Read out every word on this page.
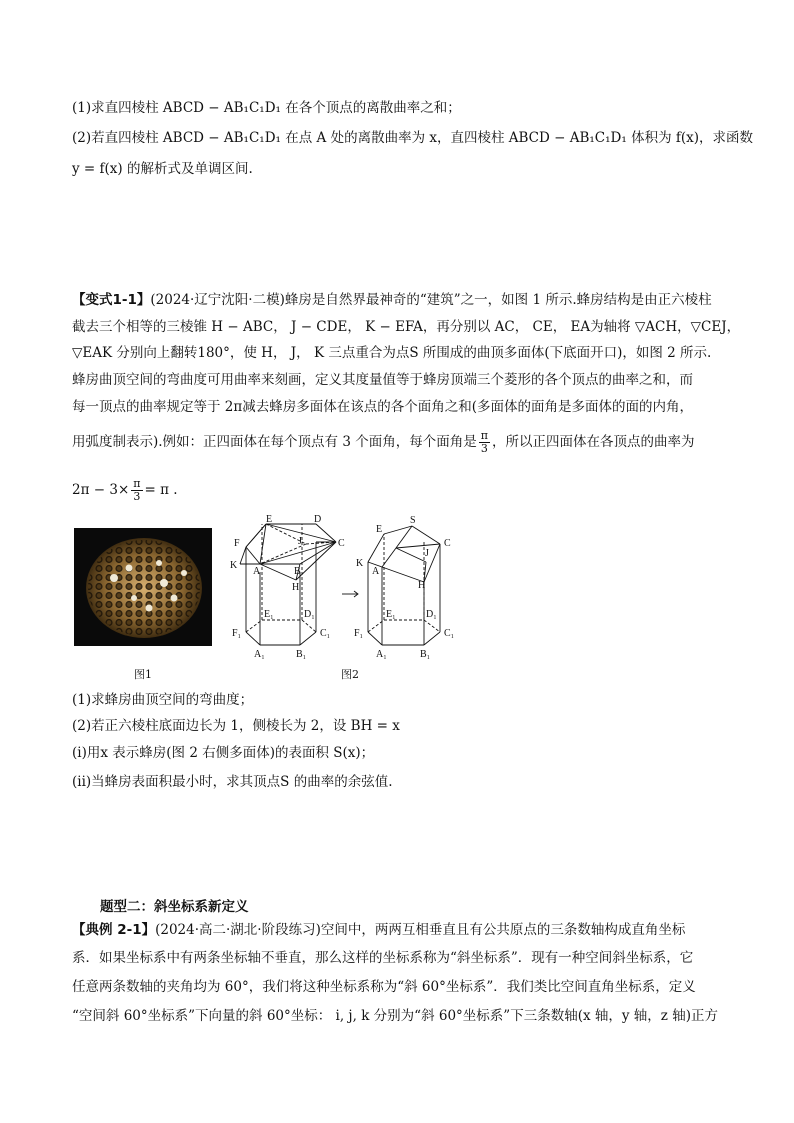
(1)求直四棱柱 ABCD − AB₁C₁D₁ 在各个顶点的离散曲率之和；
(2)若直四棱柱 ABCD − AB₁C₁D₁ 在点 A 处的离散曲率为 x，直四棱柱 ABCD − AB₁C₁D₁ 体积为 f(x)，求函数
y = f(x) 的解析式及单调区间.
【变式1-1】(2024·辽宁沈阳·二模)蜂房是自然界最神奇的“建筑”之一，如图 1 所示.蜂房结构是由正六棱柱
截去三个相等的三棱锥 H − ABC， J − CDE， K − EFA，再分别以 AC， CE， EA为轴将 ▽ACH，▽CEJ，
▽EAK 分别向上翻转180°，使 H， J， K 三点重合为点S 所围成的曲顶多面体(下底面开口)，如图 2 所示.
蜂房曲顶空间的弯曲度可用曲率来刻画，定义其度量值等于蜂房顶端三个菱形的各个顶点的曲率之和，而
每一顶点的曲率规定等于 2π减去蜂房多面体在该点的各个面角之和(多面体的面角是多面体的面的内角，
用弧度制表示).例如：正四面体在每个顶点有 3 个面角，每个面角是 $\frac{\pi}{3}$ ，所以正四面体在各顶点的曲率为
$2\pi - 3\times \frac{\pi}{3} = \pi$ .
图1
E	D
F	J	C
K
A	B
H
F₁
E₁	D₁
C₁
A₁	B₁
E
S
J
C
K
A
H
F₁
E₁	D₁
C₁
A₁	B₁
图2
(1)求蜂房曲顶空间的弯曲度；
(2)若正六棱柱底面边长为 1，侧棱长为 2，设 BH = x
(i)用x 表示蜂房(图 2 右侧多面体)的表面积 S(x)；
(ii)当蜂房表面积最小时，求其顶点S 的曲率的余弦值.
题型二：斜坐标系新定义
【典例 2-1】(2024·高二·湖北·阶段练习)空间中，两两互相垂直且有公共原点的三条数轴构成直角坐标
系．如果坐标系中有两条坐标轴不垂直，那么这样的坐标系称为“斜坐标系”．现有一种空间斜坐标系，它
任意两条数轴的夹角均为 60°，我们将这种坐标系称为“斜 60°坐标系”．我们类比空间直角坐标系，定义
“空间斜 60°坐标系”下向量的斜 60°坐标： i, j, k 分别为“斜 60°坐标系”下三条数轴(x 轴，y 轴，z 轴)正方
